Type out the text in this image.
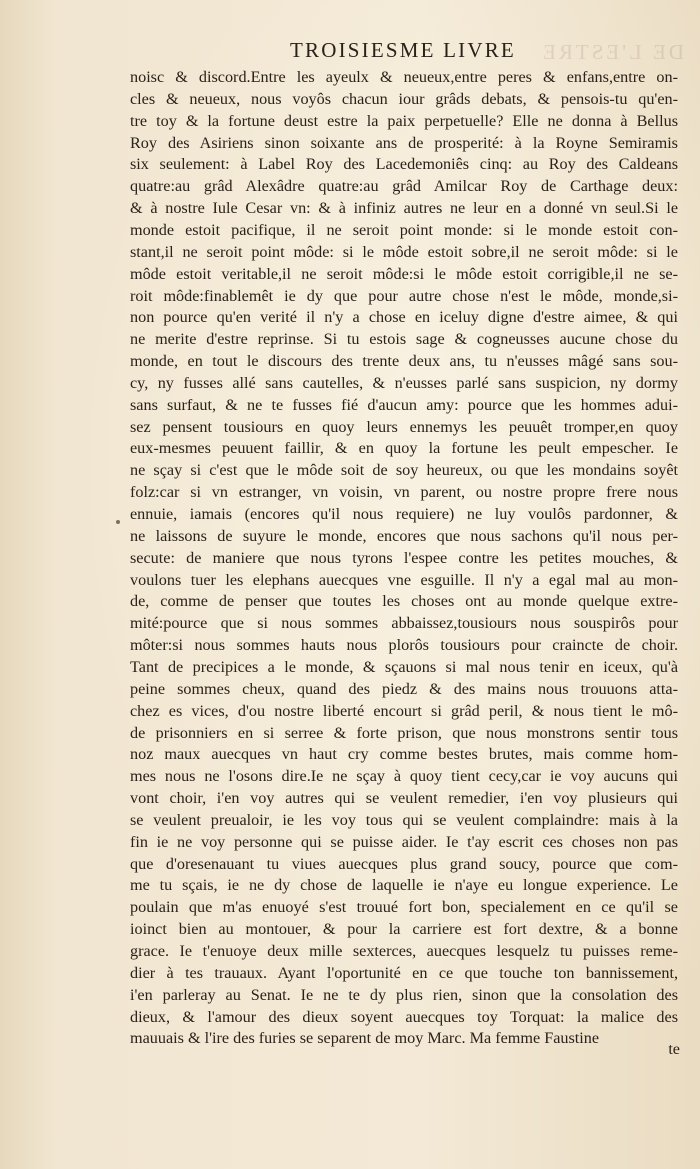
DE L'ESTRE
TROISIESME LIVRE
noisc & discord.Entre les ayeulx & neueux,entre peres & enfans,entre on-
cles & neueux, nous voyôs chacun iour grâds debats, & pensois-tu qu'en-
tre toy & la fortune deust estre la paix perpetuelle? Elle ne donna à Bellus
Roy des Asiriens sinon soixante ans de prosperité: à la Royne Semiramis
six seulement: à Label Roy des Lacedemoniês cinq: au Roy des Caldeans
quatre:au grâd Alexâdre quatre:au grâd Amilcar Roy de Carthage deux:
& à nostre Iule Cesar vn: & à infiniz autres ne leur en a donné vn seul.Si le
monde estoit pacifique, il ne seroit point monde: si le monde estoit con-
stant,il ne seroit point môde: si le môde estoit sobre,il ne seroit môde: si le
môde estoit veritable,il ne seroit môde:si le môde estoit corrigible,il ne se-
roit môde:finablemêt ie dy que pour autre chose n'est le môde, monde,si-
non pource qu'en verité il n'y a chose en iceluy digne d'estre aimee, & qui
ne merite d'estre reprinse. Si tu estois sage & cogneusses aucune chose du
monde, en tout le discours des trente deux ans, tu n'eusses mâgé sans sou-
cy, ny fusses allé sans cautelles, & n'eusses parlé sans suspicion, ny dormy
sans surfaut, & ne te fusses fié d'aucun amy: pource que les hommes adui-
sez pensent tousiours en quoy leurs ennemys les peuuêt tromper,en quoy
eux-mesmes peuuent faillir, & en quoy la fortune les peult empescher. Ie
ne sçay si c'est que le môde soit de soy heureux, ou que les mondains soyêt
folz:car si vn estranger, vn voisin, vn parent, ou nostre propre frere nous
ennuie, iamais (encores qu'il nous requiere) ne luy voulôs pardonner, &
ne laissons de suyure le monde, encores que nous sachons qu'il nous per-
secute: de maniere que nous tyrons l'espee contre les petites mouches, &
voulons tuer les elephans auecques vne esguille. Il n'y a egal mal au mon-
de, comme de penser que toutes les choses ont au monde quelque extre-
mité:pource que si nous sommes abbaissez,tousiours nous souspirôs pour
môter:si nous sommes hauts nous plorôs tousiours pour craincte de choir.
Tant de precipices a le monde, & sçauons si mal nous tenir en iceux, qu'à
peine sommes cheux, quand des piedz & des mains nous trouuons atta-
chez es vices, d'ou nostre liberté encourt si grâd peril, & nous tient le mô-
de prisonniers en si serree & forte prison, que nous monstrons sentir tous
noz maux auecques vn haut cry comme bestes brutes, mais comme hom-
mes nous ne l'osons dire.Ie ne sçay à quoy tient cecy,car ie voy aucuns qui
vont choir, i'en voy autres qui se veulent remedier, i'en voy plusieurs qui
se veulent preualoir, ie les voy tous qui se veulent complaindre: mais à la
fin ie ne voy personne qui se puisse aider. Ie t'ay escrit ces choses non pas
que d'oresenauant tu viues auecques plus grand soucy, pource que com-
me tu sçais, ie ne dy chose de laquelle ie n'aye eu longue experience. Le
poulain que m'as enuoyé s'est trouué fort bon, specialement en ce qu'il se
ioinct bien au montouer, & pour la carriere est fort dextre, & a bonne
grace. Ie t'enuoye deux mille sexterces, auecques lesquelz tu puisses reme-
dier à tes trauaux. Ayant l'oportunité en ce que touche ton bannissement,
i'en parleray au Senat. Ie ne te dy plus rien, sinon que la consolation des
dieux, & l'amour des dieux soyent auecques toy Torquat: la malice des
mauuais & l'ire des furies se separent de moy Marc. Ma femme Faustine
te
